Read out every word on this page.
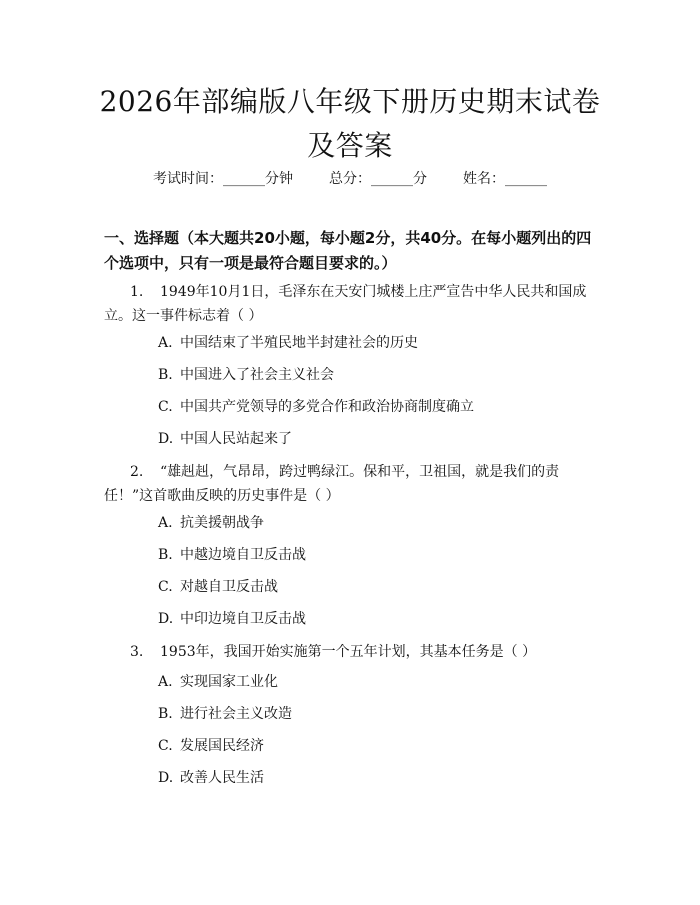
2026年部编版八年级下册历史期末试卷及答案
考试时间：______分钟	总分：______分	姓名：______
一、选择题（本大题共20小题，每小题2分，共40分。在每小题列出的四个选项中，只有一项是最符合题目要求的。）
1. 1949年10月1日，毛泽东在天安门城楼上庄严宣告中华人民共和国成立。这一事件标志着（ ）
A. 中国结束了半殖民地半封建社会的历史
B. 中国进入了社会主义社会
C. 中国共产党领导的多党合作和政治协商制度确立
D. 中国人民站起来了
2. “雄赳赳，气昂昂，跨过鸭绿江。保和平，卫祖国，就是我们的责任！”这首歌曲反映的历史事件是（ ）
A. 抗美援朝战争
B. 中越边境自卫反击战
C. 对越自卫反击战
D. 中印边境自卫反击战
3. 1953年，我国开始实施第一个五年计划，其基本任务是（ ）
A. 实现国家工业化
B. 进行社会主义改造
C. 发展国民经济
D. 改善人民生活
